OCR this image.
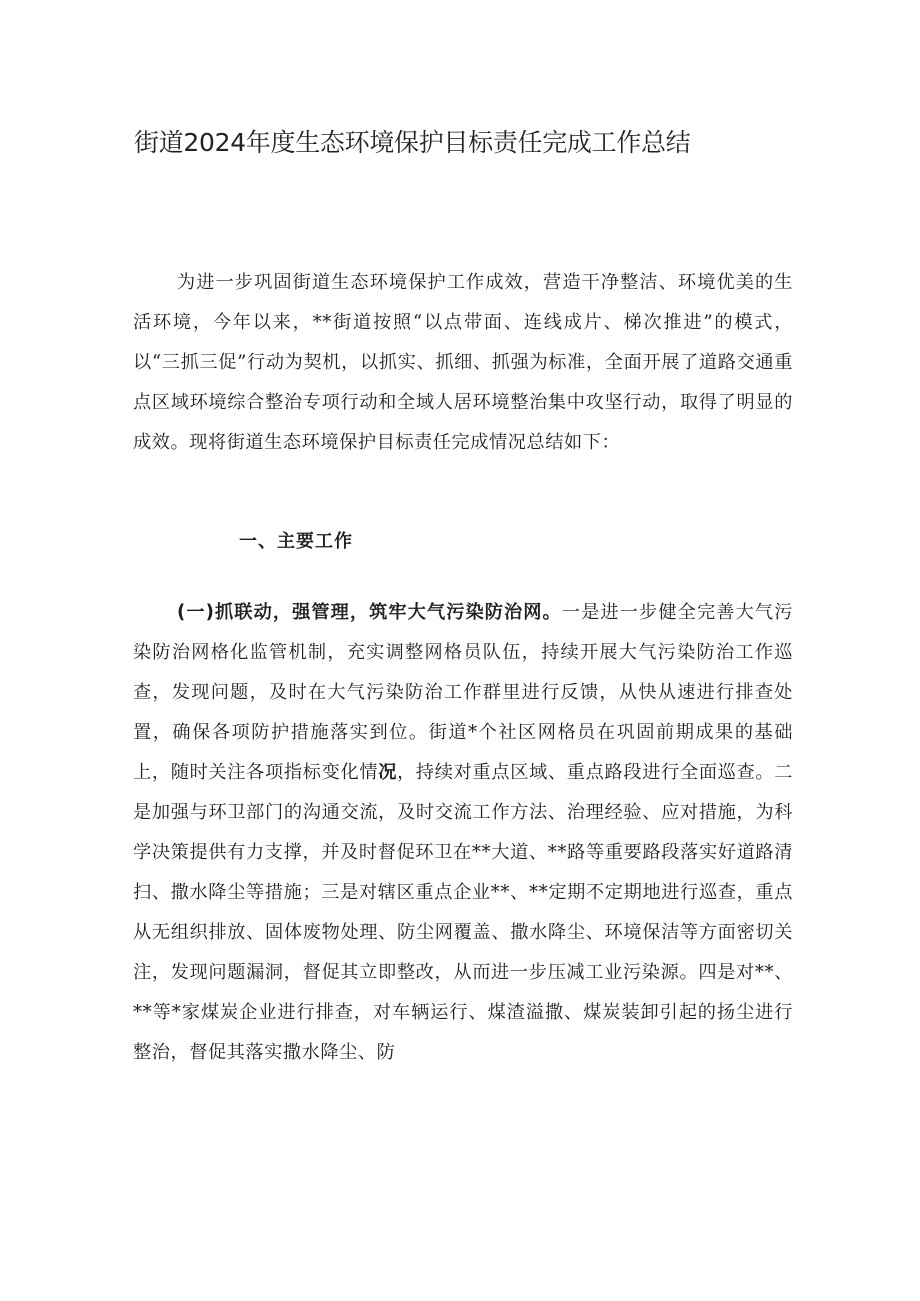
街道2024年度生态环境保护目标责任完成工作总结

为进一步巩固街道生态环境保护工作成效，营造干净整洁、环境优美的生活环境，今年以来，**街道按照“以点带面、连线成片、梯次推进”的模式，以“三抓三促”行动为契机，以抓实、抓细、抓强为标准，全面开展了道路交通重点区域环境综合整治专项行动和全域人居环境整治集中攻坚行动，取得了明显的成效。现将街道生态环境保护目标责任完成情况总结如下：

一、主要工作

(一)抓联动，强管理，筑牢大气污染防治网。一是进一步健全完善大气污染防治网格化监管机制，充实调整网格员队伍，持续开展大气污染防治工作巡查，发现问题，及时在大气污染防治工作群里进行反馈，从快从速进行排查处置，确保各项防护措施落实到位。街道*个社区网格员在巩固前期成果的基础上，随时关注各项指标变化情况，持续对重点区域、重点路段进行全面巡查。二是加强与环卫部门的沟通交流，及时交流工作方法、治理经验、应对措施，为科学决策提供有力支撑，并及时督促环卫在**大道、**路等重要路段落实好道路清扫、撒水降尘等措施；三是对辖区重点企业**、**定期不定期地进行巡查，重点从无组织排放、固体废物处理、防尘网覆盖、撒水降尘、环境保洁等方面密切关注，发现问题漏洞，督促其立即整改，从而进一步压减工业污染源。四是对**、**等*家煤炭企业进行排查，对车辆运行、煤渣溢撒、煤炭装卸引起的扬尘进行整治，督促其落实撒水降尘、防
